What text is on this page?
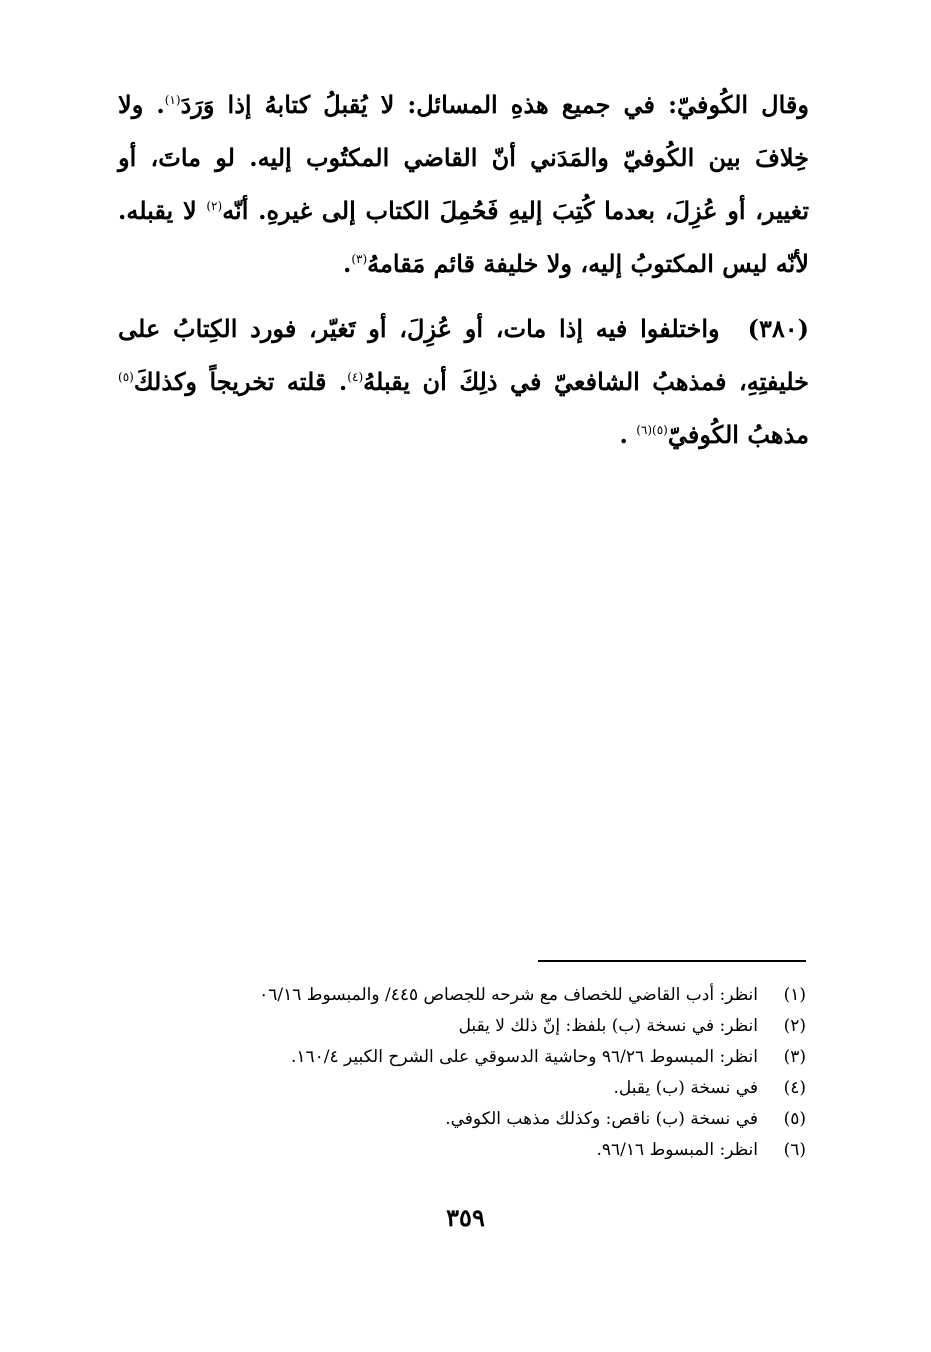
وقال الكُوفيّ: في جميع هذهِ المسائل: لا يُقبلُ كتابهُ إذا وَرَدَ$^{(١)}$. ولا خِلافَ بين الكُوفيّ والمَدَني أنّ القاضي المكتُوب إليه. لو ماتَ، أو تغيير، أو عُزِلَ، بعدما كُتِبَ إليهِ فَحُمِلَ الكتاب إلى غيرهِ. أنّه$^{(٢)}$ لا يقبله. لأنّه ليس المكتوبُ إليه، ولا خليفة قائم مَقامهُ$^{(٣)}$.

(٣٨٠)واختلفوا فيه إذا مات، أو عُزِلَ، أو تَغيّر، فورد الكِتابُ على خليفتِهِ، فمذهبُ الشافعيّ في ذلِكَ أن يقبلهُ$^{(٤)}$. قلته تخريجاً وكذلكَ$^{(٥)}$ مذهبُ الكُوفيّ$^{(٥)(٦)}$ .

(١)
انظر: أدب القاضي للخصاف مع شرحه للجصاص ٤٤٥/ والمبسوط ٠٦/١٦
(٢)
انظر: في نسخة (ب) بلفظ: إنّ ذلك لا يقبل
(٣)
انظر: المبسوط ٩٦/٢٦ وحاشية الدسوقي على الشرح الكبير ١٦٠/٤.
(٤)
في نسخة (ب) يقبل.
(٥)
في نسخة (ب) ناقص: وكذلك مذهب الكوفي.
(٦)
انظر: المبسوط ٩٦/١٦.
٣٥٩
